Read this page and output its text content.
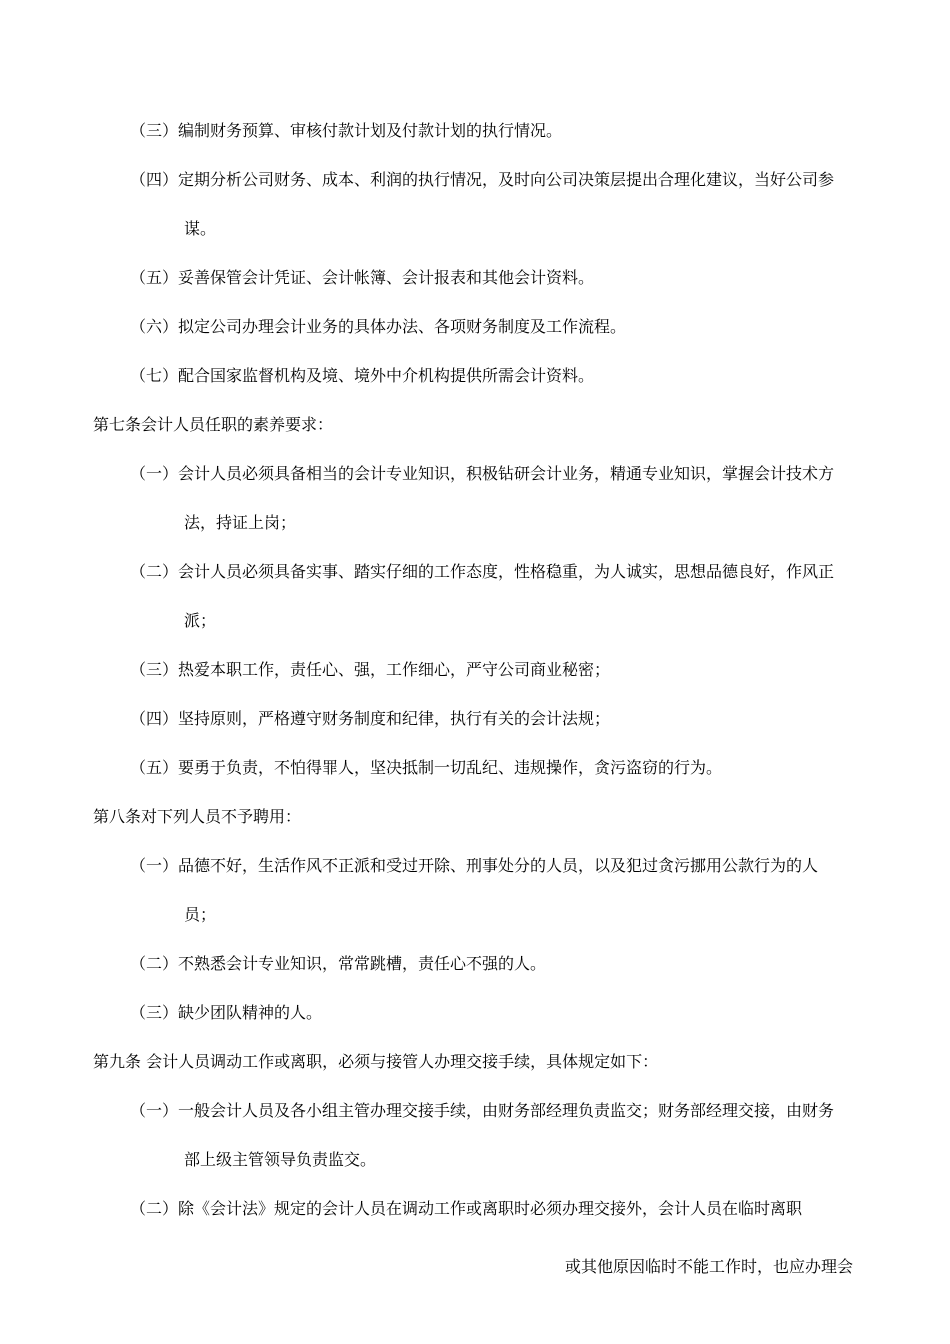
（三）编制财务预算、审核付款计划及付款计划的执行情况。
（四）定期分析公司财务、成本、利润的执行情况，及时向公司决策层提出合理化建议，当好公司参
谋。
（五）妥善保管会计凭证、会计帐簿、会计报表和其他会计资料。
（六）拟定公司办理会计业务的具体办法、各项财务制度及工作流程。
（七）配合国家监督机构及境、境外中介机构提供所需会计资料。
第七条会计人员任职的素养要求：
（一）会计人员必须具备相当的会计专业知识，积极钻研会计业务，精通专业知识，掌握会计技术方
法，持证上岗；
（二）会计人员必须具备实事、踏实仔细的工作态度，性格稳重，为人诚实，思想品德良好，作风正
派；
（三）热爱本职工作，责任心、强，工作细心，严守公司商业秘密；
（四）坚持原则，严格遵守财务制度和纪律，执行有关的会计法规；
（五）要勇于负责，不怕得罪人，坚决抵制一切乱纪、违规操作，贪污盗窃的行为。
第八条对下列人员不予聘用：
（一）品德不好，生活作风不正派和受过开除、刑事处分的人员，以及犯过贪污挪用公款行为的人
员；
（二）不熟悉会计专业知识，常常跳槽，责任心不强的人。
（三）缺少团队精神的人。
第九条 会计人员调动工作或离职，必须与接管人办理交接手续，具体规定如下：
（一）一般会计人员及各小组主管办理交接手续，由财务部经理负责监交；财务部经理交接，由财务
部上级主管领导负责监交。
（二）除《会计法》规定的会计人员在调动工作或离职时必须办理交接外，会计人员在临时离职
或其他原因临时不能工作时，也应办理会
